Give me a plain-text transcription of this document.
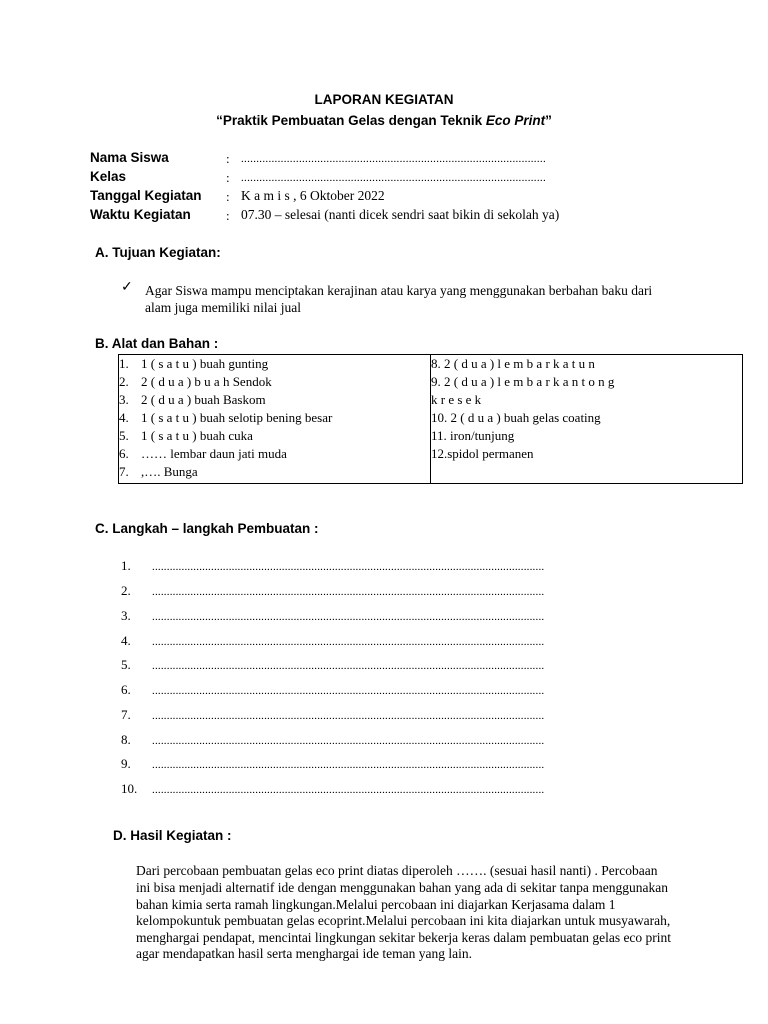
LAPORAN KEGIATAN
“Praktik Pembuatan Gelas dengan Teknik Eco Print”
Nama Siswa	: ....................................................................................................
Kelas	: ....................................................................................................
Tanggal Kegiatan : K a m i s , 6 Oktober 2022
Waktu Kegiatan	: 07.30 – selesai (nanti dicek sendri saat bikin di sekolah ya)
A. Tujuan Kegiatan:
✓ Agar Siswa mampu menciptakan kerajinan atau karya yang menggunakan berbahan baku dari
alam juga memiliki nilai jual
B. Alat dan Bahan :
1. 1 ( s a t u ) buah gunting
2. 2 ( d u a ) b u a h Sendok
3. 2 ( d u a ) buah Baskom
4. 1 ( s a t u ) buah selotip bening besar
5. 1 ( s a t u ) buah cuka
6. …… lembar daun jati muda
7. ,…. Bunga

8. 2 ( d u a ) l e m b a r k a t u n
9. 2 ( d u a ) l e m b a r k a n t o n g
k r e s e k
10. 2 ( d u a ) buah gelas coating
11. iron/tunjung
12.spidol permanen
C. Langkah – langkah Pembuatan :
1. .....................................................................................................................................
2. .....................................................................................................................................
3. .....................................................................................................................................
4. .....................................................................................................................................
5. .....................................................................................................................................
6. .....................................................................................................................................
7. .....................................................................................................................................
8. .....................................................................................................................................
9. .....................................................................................................................................
10. .....................................................................................................................................
D. Hasil Kegiatan :
Dari percobaan pembuatan gelas eco print diatas diperoleh ……. (sesuai hasil nanti) . Percobaan
ini bisa menjadi alternatif ide dengan menggunakan bahan yang ada di sekitar tanpa menggunakan
bahan kimia serta ramah lingkungan.Melalui percobaan ini diajarkan Kerjasama dalam 1
kelompokuntuk pembuatan gelas ecoprint.Melalui percobaan ini kita diajarkan untuk musyawarah,
menghargai pendapat, mencintai lingkungan sekitar bekerja keras dalam pembuatan gelas eco print
agar mendapatkan hasil serta menghargai ide teman yang lain.
